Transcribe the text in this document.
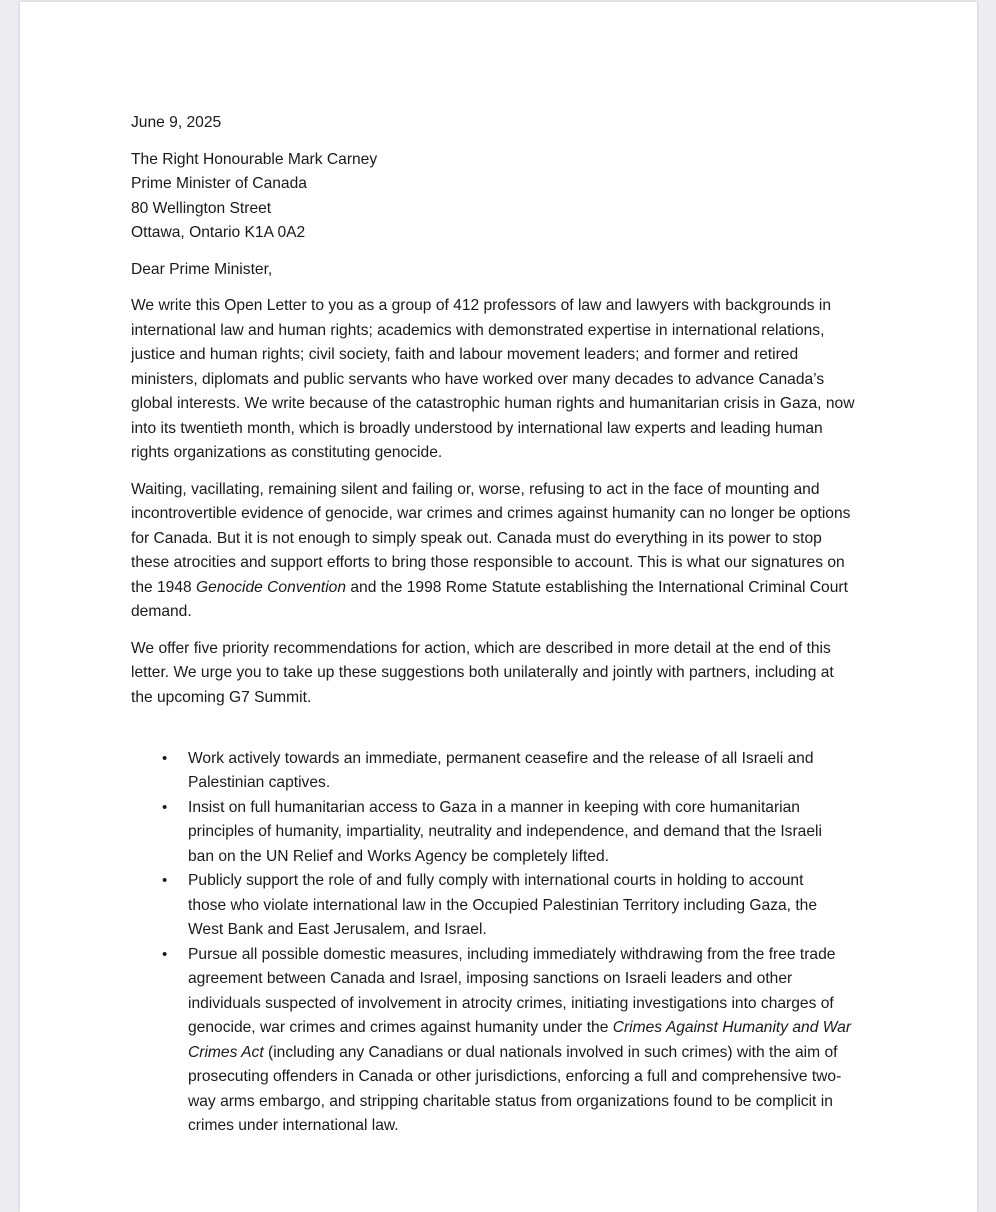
June 9, 2025
The Right Honourable Mark Carney
Prime Minister of Canada
80 Wellington Street
Ottawa, Ontario K1A 0A2
Dear Prime Minister,
We write this Open Letter to you as a group of 412 professors of law and lawyers with backgrounds in
international law and human rights; academics with demonstrated expertise in international relations,
justice and human rights; civil society, faith and labour movement leaders; and former and retired
ministers, diplomats and public servants who have worked over many decades to advance Canada’s
global interests. We write because of the catastrophic human rights and humanitarian crisis in Gaza, now
into its twentieth month, which is broadly understood by international law experts and leading human
rights organizations as constituting genocide.
Waiting, vacillating, remaining silent and failing or, worse, refusing to act in the face of mounting and
incontrovertible evidence of genocide, war crimes and crimes against humanity can no longer be options
for Canada. But it is not enough to simply speak out. Canada must do everything in its power to stop
these atrocities and support efforts to bring those responsible to account. This is what our signatures on
the 1948 Genocide Convention and the 1998 Rome Statute establishing the International Criminal Court
demand.
We offer five priority recommendations for action, which are described in more detail at the end of this
letter. We urge you to take up these suggestions both unilaterally and jointly with partners, including at
the upcoming G7 Summit.
• Work actively towards an immediate, permanent ceasefire and the release of all Israeli and
Palestinian captives.
• Insist on full humanitarian access to Gaza in a manner in keeping with core humanitarian
principles of humanity, impartiality, neutrality and independence, and demand that the Israeli
ban on the UN Relief and Works Agency be completely lifted.
• Publicly support the role of and fully comply with international courts in holding to account
those who violate international law in the Occupied Palestinian Territory including Gaza, the
West Bank and East Jerusalem, and Israel.
• Pursue all possible domestic measures, including immediately withdrawing from the free trade
agreement between Canada and Israel, imposing sanctions on Israeli leaders and other
individuals suspected of involvement in atrocity crimes, initiating investigations into charges of
genocide, war crimes and crimes against humanity under the Crimes Against Humanity and War
Crimes Act (including any Canadians or dual nationals involved in such crimes) with the aim of
prosecuting offenders in Canada or other jurisdictions, enforcing a full and comprehensive two-
way arms embargo, and stripping charitable status from organizations found to be complicit in
crimes under international law.
